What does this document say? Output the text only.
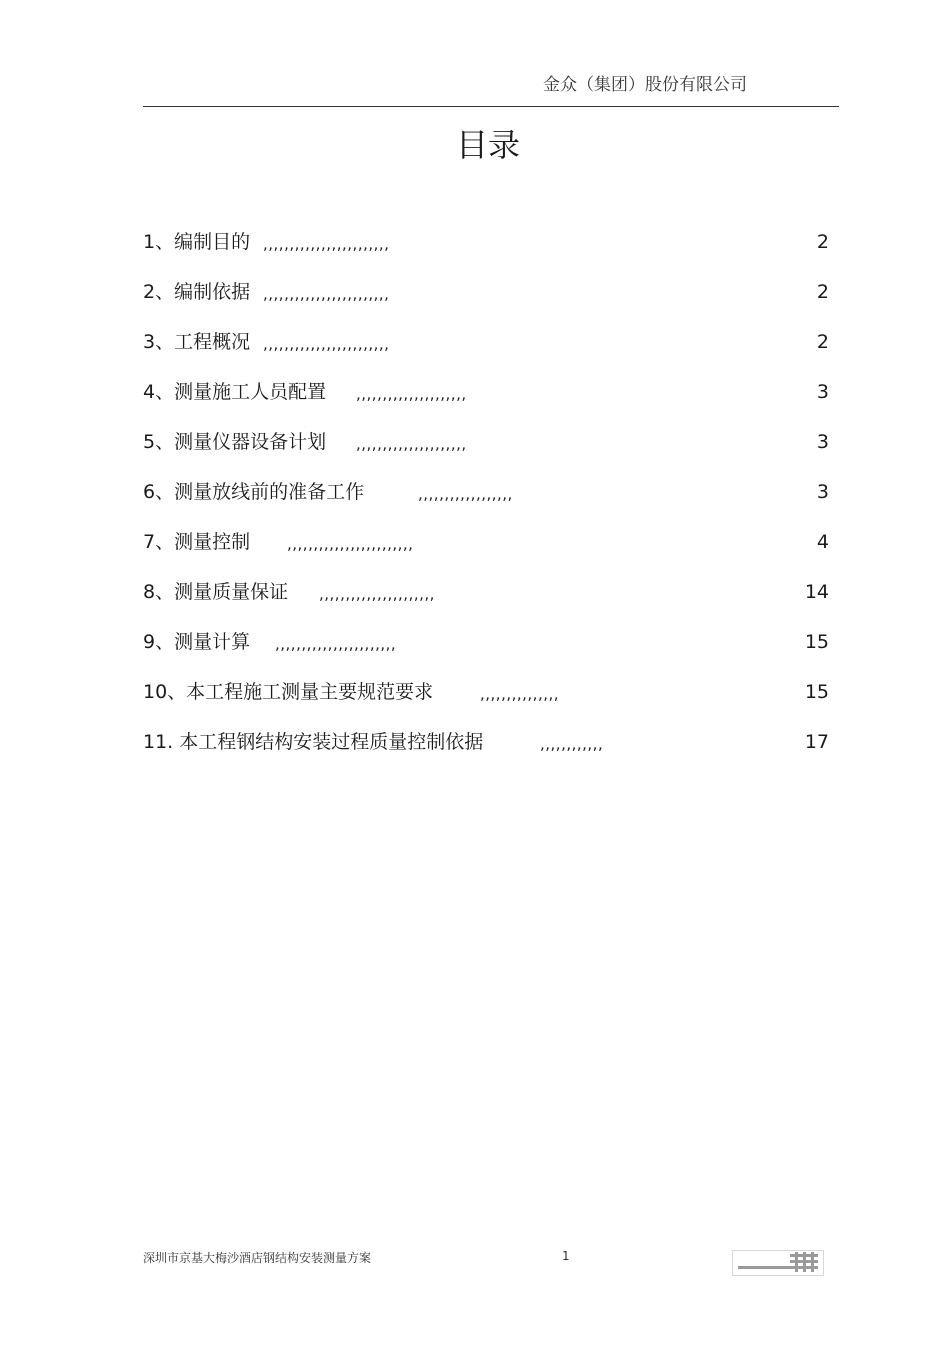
金众（集团）股份有限公司
目录
1、编制目的 ,,,,,,,,,,,,,,,,,,,,,,,,	2
2、编制依据 ,,,,,,,,,,,,,,,,,,,,,,,,	2
3、工程概况 ,,,,,,,,,,,,,,,,,,,,,,,,	2
4、测量施工人员配置 ,,,,,,,,,,,,,,,,,,,,,	3
5、测量仪器设备计划 ,,,,,,,,,,,,,,,,,,,,,	3
6、测量放线前的准备工作	,,,,,,,,,,,,,,,,,,	3
7、测量控制 ,,,,,,,,,,,,,,,,,,,,,,,,	4
8、测量质量保证 ,,,,,,,,,,,,,,,,,,,,,,	14
9、测量计算 ,,,,,,,,,,,,,,,,,,,,,,,	15
10、本工程施工测量主要规范要求	,,,,,,,,,,,,,,,	15
11. 本工程钢结构安装过程质量控制依据	,,,,,,,,,,,,	17
深圳市京基大梅沙酒店钢结构安装测量方案	1
